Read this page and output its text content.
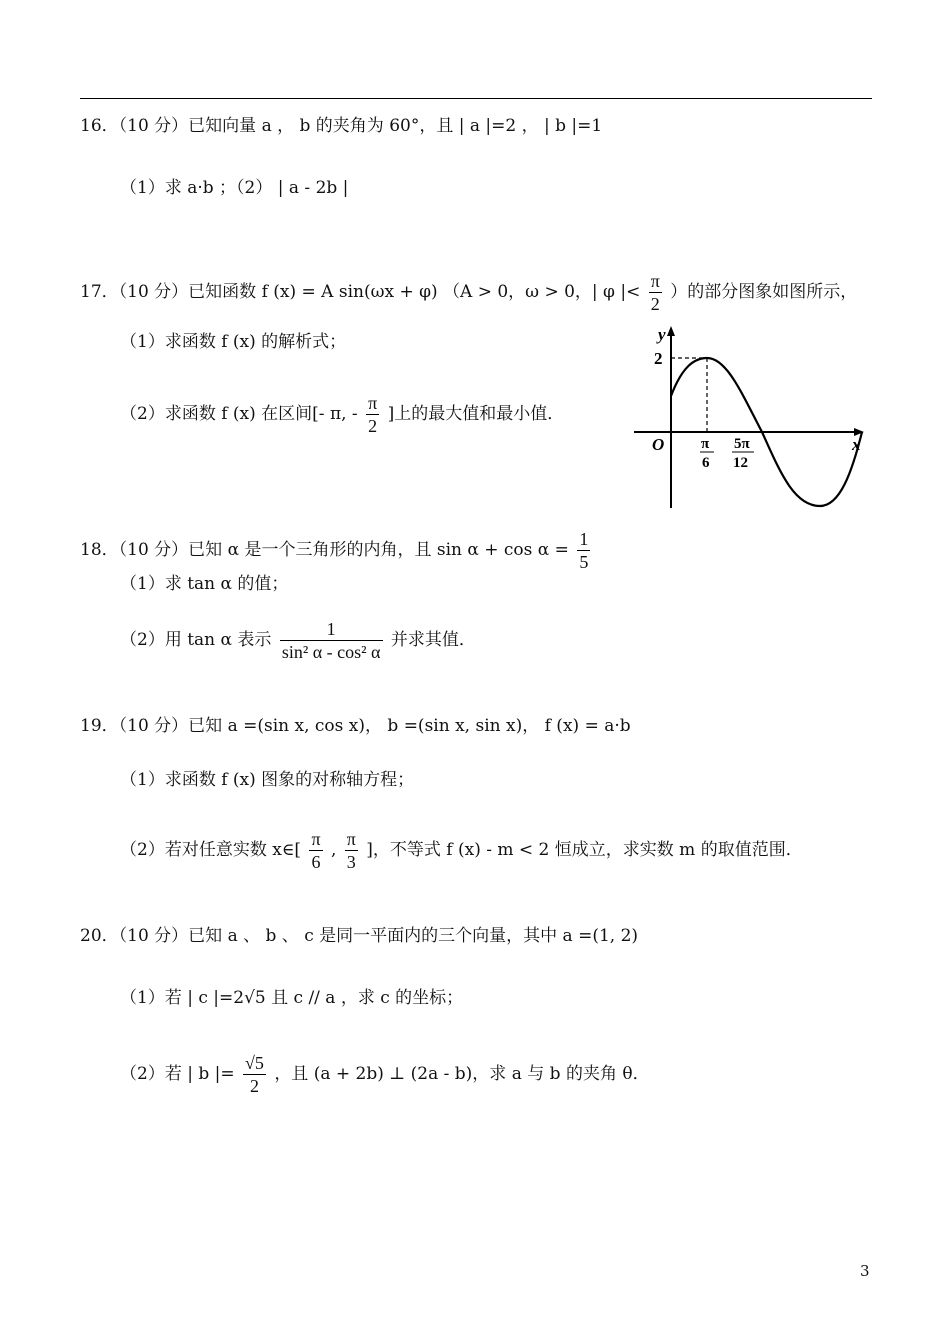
16．（10 分）已知向量 a ， b 的夹角为 60°，且 | a |=2 ， | b |=1
（1）求 a·b ；（2） | a - 2b |
17．（10 分）已知函数 f (x) = A sin(ωx + φ) （A > 0，ω > 0，| φ |< $\frac{\pi}{2}$ ）的部分图象如图所示，
（1）求函数 f (x) 的解析式；
（2）求函数 f (x) 在区间[- π, - $\frac{\pi}{2}$ ]上的最大值和最小值．
y
2
O	x
π
6
5π
12
18．（10 分）已知 α 是一个三角形的内角，且 $\sin \alpha + \cos \alpha = \frac{1}{5}$
（1）求 tan α 的值；
（2）用 tan α 表示 $\frac{1}{\text{sin² α - cos² α}}$ 并求其值．
19．（10 分）已知 a =(sin x, cos x)， b =(sin x, sin x)， f (x) = a·b
（1）求函数 f (x) 图象的对称轴方程；
（2）若对任意实数 x∈[ $\frac{\pi}{6}$ , $\frac{\pi}{3}$ ]，不等式 f (x) - m < 2 恒成立，求实数 m 的取值范围．
20．（10 分）已知 a 、 b 、 c 是同一平面内的三个向量，其中 a =(1, 2)
（1）若 | c |=2√5 且 c // a ，求 c 的坐标；
（2）若 | b |= $\frac{√5}{2}$ ，且 (a + 2b) ⊥ (2a - b)，求 a 与 b 的夹角 θ．
3
